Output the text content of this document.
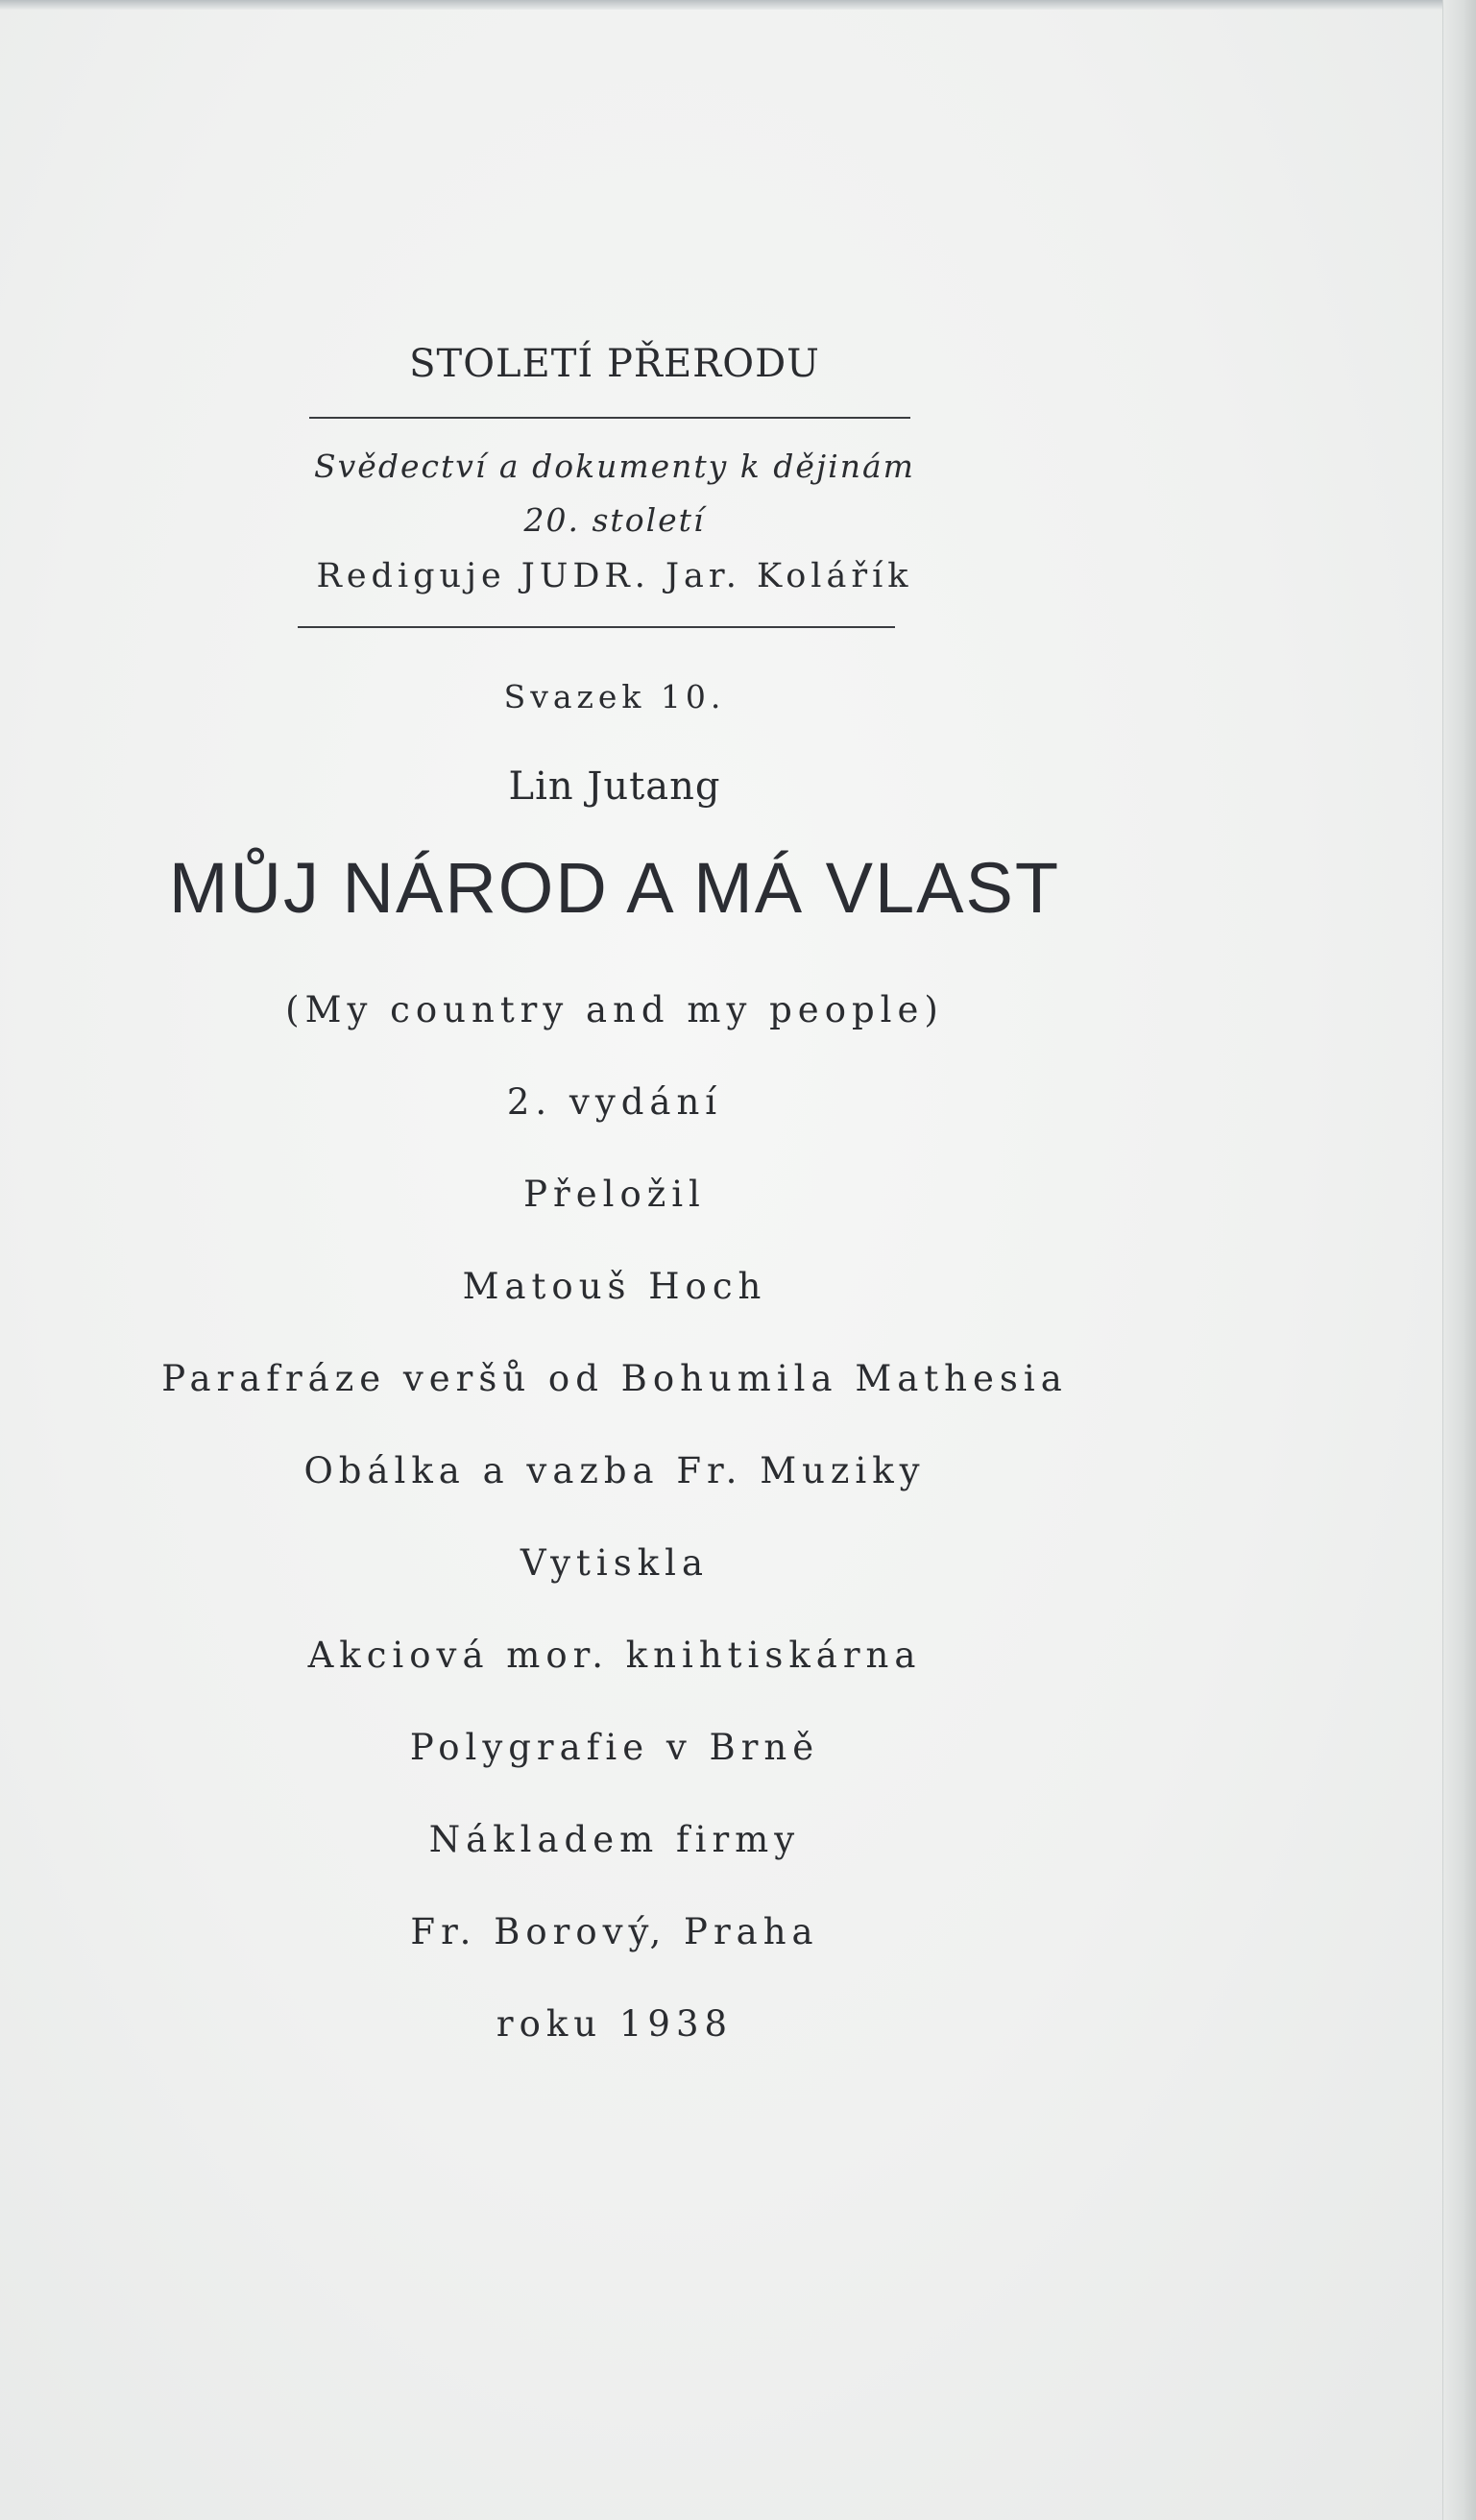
STOLETÍ PŘERODU
Svědectví a dokumenty k dějinám
20. století
Rediguje JUDR. Jar. Kolářík
Svazek 10.
Lin Jutang
MŮJ NÁROD A MÁ VLAST
(My country and my people)
2. vydání
Přeložil
Matouš Hoch
Parafráze veršů od Bohumila Mathesia
Obálka a vazba Fr. Muziky
Vytiskla
Akciová mor. knihtiskárna
Polygrafie v Brně
Nákladem firmy
Fr. Borový, Praha
roku 1938
